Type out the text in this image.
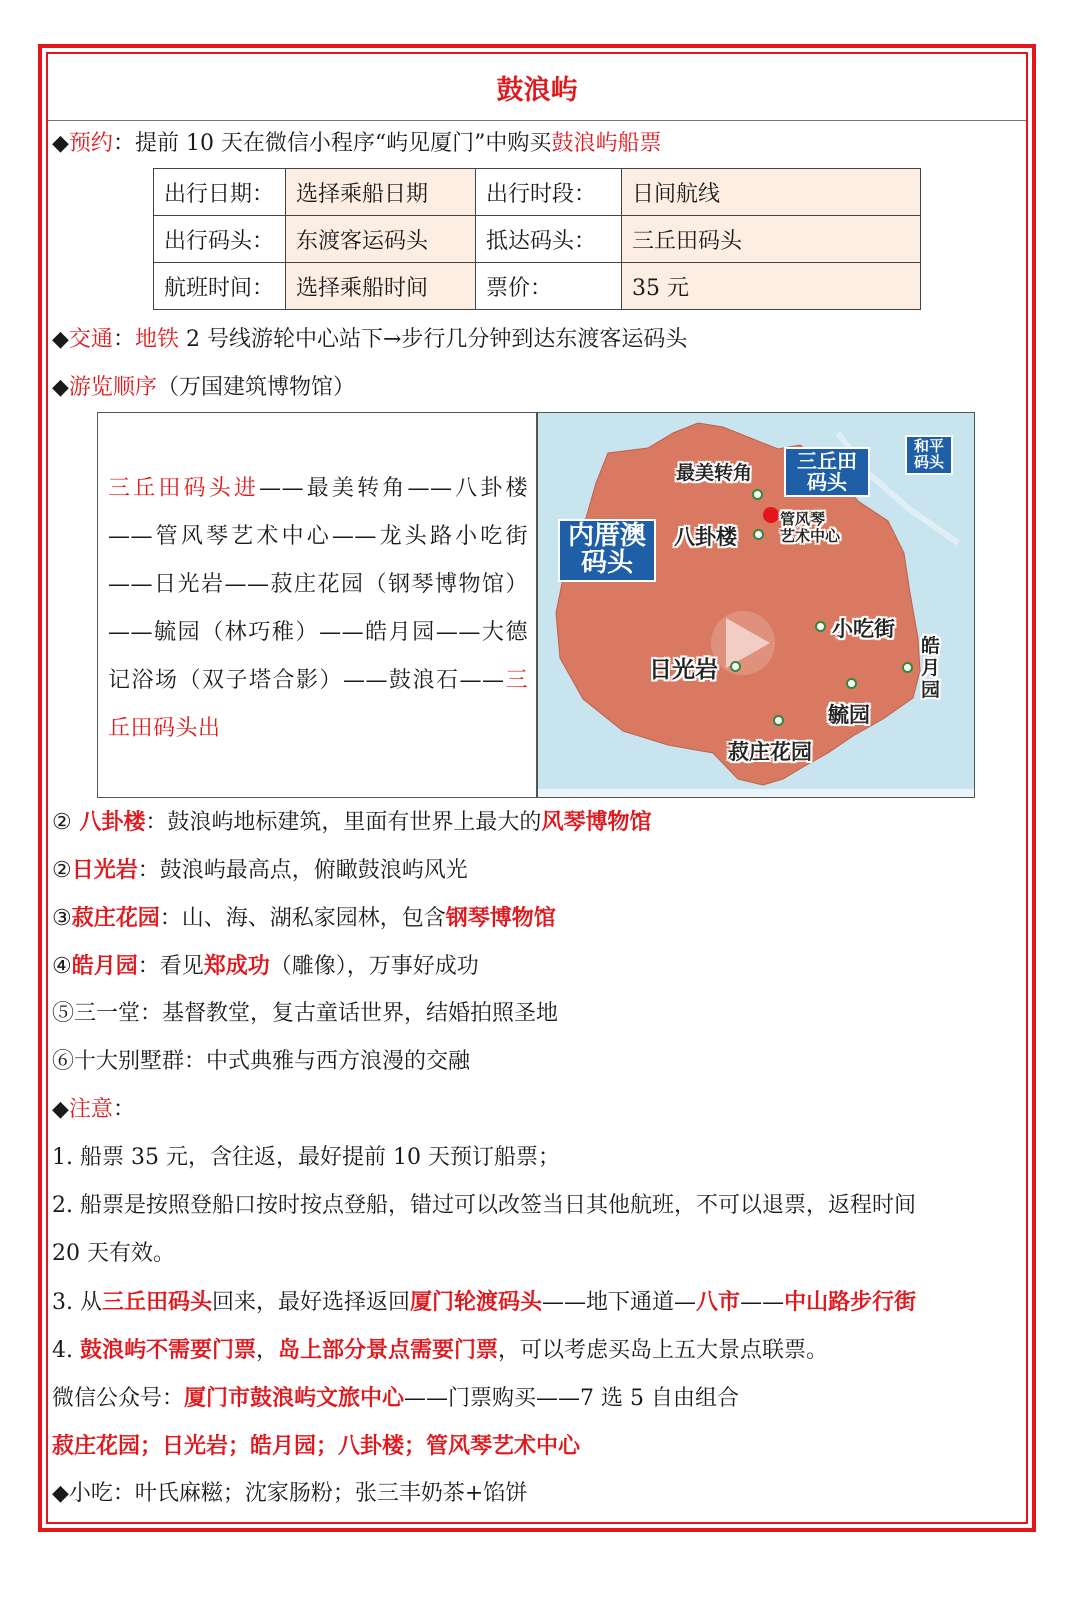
鼓浪屿
◆预约：提前 10 天在微信小程序“屿见厦门”中购买鼓浪屿船票
出行日期：	选择乘船日期	出行时段：	日间航线
出行码头：	东渡客运码头	抵达码头：	三丘田码头
航班时间：	选择乘船时间	票价：	35 元
◆交通：地铁 2 号线游轮中心站下→步行几分钟到达东渡客运码头
◆游览顺序（万国建筑博物馆）
三丘田码头进——最美转角——八卦楼——管风琴艺术中心——龙头路小吃街——日光岩——菽庄花园（钢琴博物馆）——毓园（林巧稚）——皓月园——大德记浴场（双子塔合影）——鼓浪石——三丘田码头出
最美转角	三丘田
码头
和平
码头
内厝澳
码头
八卦楼
管风琴
艺术中心
小吃街
日光岩
皓
月
园
毓园
菽庄花园
② 八卦楼：鼓浪屿地标建筑，里面有世界上最大的风琴博物馆
②日光岩：鼓浪屿最高点，俯瞰鼓浪屿风光
③菽庄花园：山、海、湖私家园林，包含钢琴博物馆
④皓月园：看见郑成功（雕像），万事好成功
⑤三一堂：基督教堂，复古童话世界，结婚拍照圣地
⑥十大别墅群：中式典雅与西方浪漫的交融
◆注意：
1. 船票 35 元，含往返，最好提前 10 天预订船票；
2. 船票是按照登船口按时按点登船，错过可以改签当日其他航班，不可以退票，返程时间
20 天有效。
3. 从三丘田码头回来，最好选择返回厦门轮渡码头——地下通道—八市——中山路步行街
4. 鼓浪屿不需要门票，岛上部分景点需要门票，可以考虑买岛上五大景点联票。
微信公众号：厦门市鼓浪屿文旅中心——门票购买——7 选 5 自由组合
菽庄花园；日光岩；皓月园；八卦楼；管风琴艺术中心
◆小吃：叶氏麻糍；沈家肠粉；张三丰奶茶+馅饼
